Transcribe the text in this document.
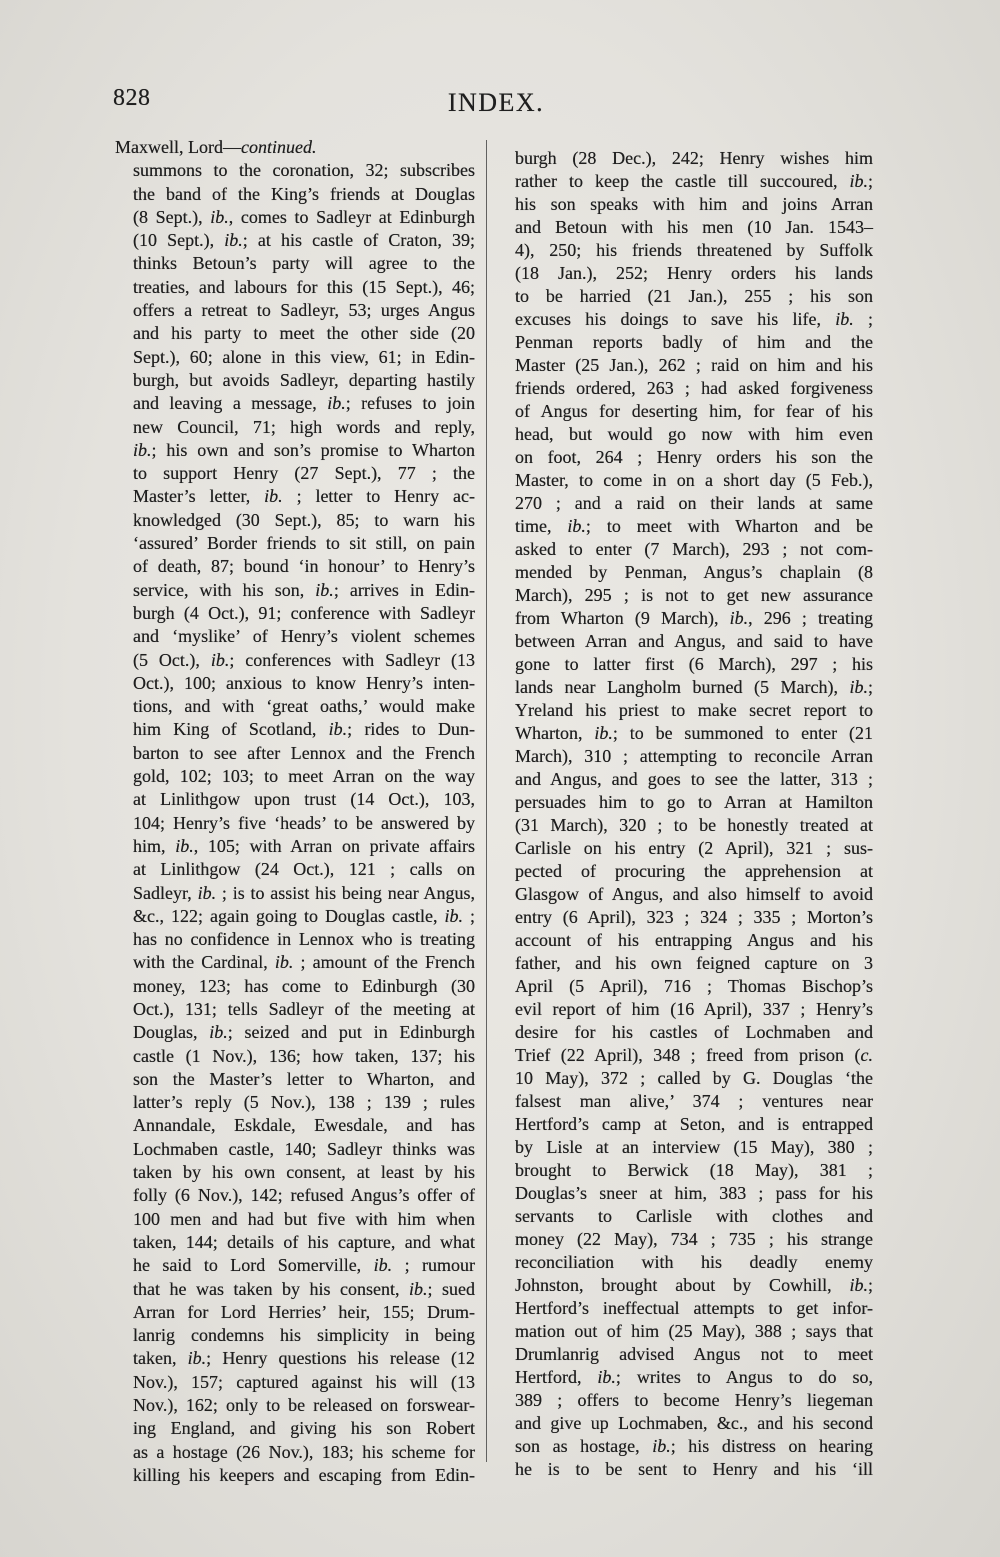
828	INDEX.
Maxwell, Lord—continued.
summons to the coronation, 32; subscribes
the band of the King’s friends at Douglas
(8 Sept.), ib., comes to Sadleyr at Edinburgh
(10 Sept.), ib.; at his castle of Craton, 39;
thinks Betoun’s party will agree to the
treaties, and labours for this (15 Sept.), 46;
offers a retreat to Sadleyr, 53; urges Angus
and his party to meet the other side (20
Sept.), 60; alone in this view, 61; in Edin-
burgh, but avoids Sadleyr, departing hastily
and leaving a message, ib.; refuses to join
new Council, 71; high words and reply,
ib.; his own and son’s promise to Wharton
to support Henry (27 Sept.), 77 ; the
Master’s letter, ib. ; letter to Henry ac-
knowledged (30 Sept.), 85; to warn his
‘assured’ Border friends to sit still, on pain
of death, 87; bound ‘in honour’ to Henry’s
service, with his son, ib.; arrives in Edin-
burgh (4 Oct.), 91; conference with Sadleyr
and ‘myslike’ of Henry’s violent schemes
(5 Oct.), ib.; conferences with Sadleyr (13
Oct.), 100; anxious to know Henry’s inten-
tions, and with ‘great oaths,’ would make
him King of Scotland, ib.; rides to Dun-
barton to see after Lennox and the French
gold, 102; 103; to meet Arran on the way
at Linlithgow upon trust (14 Oct.), 103,
104; Henry’s five ‘heads’ to be answered by
him, ib., 105; with Arran on private affairs
at Linlithgow (24 Oct.), 121 ; calls on
Sadleyr, ib. ; is to assist his being near Angus,
&c., 122; again going to Douglas castle, ib. ;
has no confidence in Lennox who is treating
with the Cardinal, ib. ; amount of the French
money, 123; has come to Edinburgh (30
Oct.), 131; tells Sadleyr of the meeting at
Douglas, ib.; seized and put in Edinburgh
castle (1 Nov.), 136; how taken, 137; his
son the Master’s letter to Wharton, and
latter’s reply (5 Nov.), 138 ; 139 ; rules
Annandale, Eskdale, Ewesdale, and has
Lochmaben castle, 140; Sadleyr thinks was
taken by his own consent, at least by his
folly (6 Nov.), 142; refused Angus’s offer of
100 men and had but five with him when
taken, 144; details of his capture, and what
he said to Lord Somerville, ib. ; rumour
that he was taken by his consent, ib.; sued
Arran for Lord Herries’ heir, 155; Drum-
lanrig condemns his simplicity in being
taken, ib.; Henry questions his release (12
Nov.), 157; captured against his will (13
Nov.), 162; only to be released on forswear-
ing England, and giving his son Robert
as a hostage (26 Nov.), 183; his scheme for
killing his keepers and escaping from Edin-
burgh (28 Dec.), 242; Henry wishes him
rather to keep the castle till succoured, ib.;
his son speaks with him and joins Arran
and Betoun with his men (10 Jan. 1543–
4), 250; his friends threatened by Suffolk
(18 Jan.), 252; Henry orders his lands
to be harried (21 Jan.), 255 ; his son
excuses his doings to save his life, ib. ;
Penman reports badly of him and the
Master (25 Jan.), 262 ; raid on him and his
friends ordered, 263 ; had asked forgiveness
of Angus for deserting him, for fear of his
head, but would go now with him even
on foot, 264 ; Henry orders his son the
Master, to come in on a short day (5 Feb.),
270 ; and a raid on their lands at same
time, ib.; to meet with Wharton and be
asked to enter (7 March), 293 ; not com-
mended by Penman, Angus’s chaplain (8
March), 295 ; is not to get new assurance
from Wharton (9 March), ib., 296 ; treating
between Arran and Angus, and said to have
gone to latter first (6 March), 297 ; his
lands near Langholm burned (5 March), ib.;
Yreland his priest to make secret report to
Wharton, ib.; to be summoned to enter (21
March), 310 ; attempting to reconcile Arran
and Angus, and goes to see the latter, 313 ;
persuades him to go to Arran at Hamilton
(31 March), 320 ; to be honestly treated at
Carlisle on his entry (2 April), 321 ; sus-
pected of procuring the apprehension at
Glasgow of Angus, and also himself to avoid
entry (6 April), 323 ; 324 ; 335 ; Morton’s
account of his entrapping Angus and his
father, and his own feigned capture on 3
April (5 April), 716 ; Thomas Bischop’s
evil report of him (16 April), 337 ; Henry’s
desire for his castles of Lochmaben and
Trief (22 April), 348 ; freed from prison (c.
10 May), 372 ; called by G. Douglas ‘the
falsest man alive,’ 374 ; ventures near
Hertford’s camp at Seton, and is entrapped
by Lisle at an interview (15 May), 380 ;
brought to Berwick (18 May), 381 ;
Douglas’s sneer at him, 383 ; pass for his
servants to Carlisle with clothes and
money (22 May), 734 ; 735 ; his strange
reconciliation with his deadly enemy
Johnston, brought about by Cowhill, ib.;
Hertford’s ineffectual attempts to get infor-
mation out of him (25 May), 388 ; says that
Drumlanrig advised Angus not to meet
Hertford, ib.; writes to Angus to do so,
389 ; offers to become Henry’s liegeman
and give up Lochmaben, &c., and his second
son as hostage, ib.; his distress on hearing
he is to be sent to Henry and his ‘ill
